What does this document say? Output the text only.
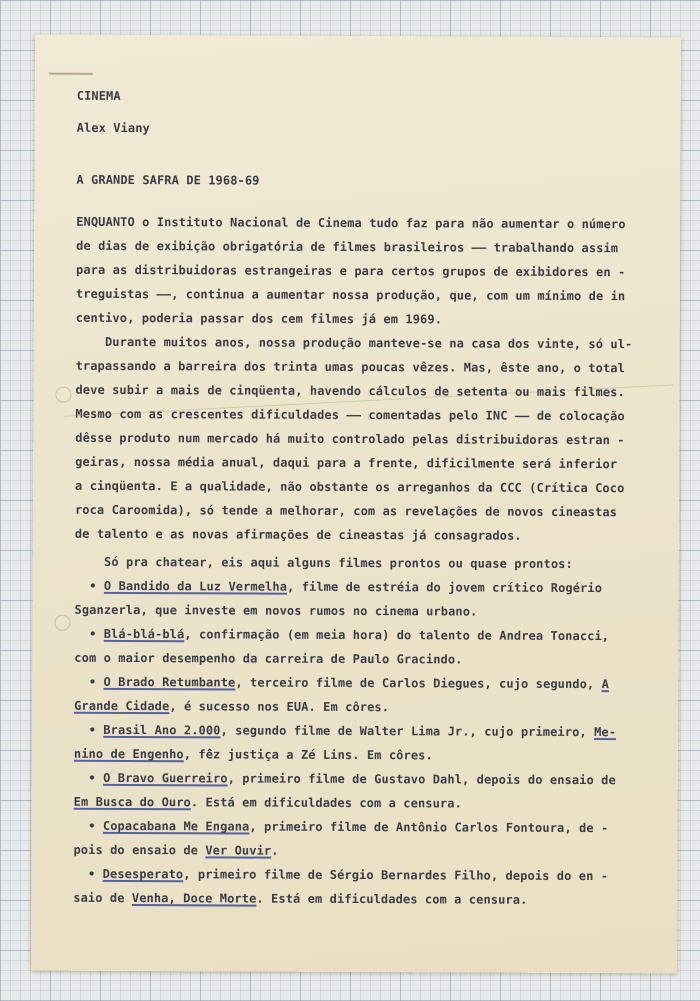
CINEMA
Alex Viany
A GRANDE SAFRA DE 1968-69
ENQUANTO o Instituto Nacional de Cinema tudo faz para não aumentar o número
de dias de exibição obrigatória de filmes brasileiros —— trabalhando assim
para as distribuidoras estrangeiras e para certos grupos de exibidores en -
treguistas ——, continua a aumentar nossa produção, que, com um mínimo de in
centivo, poderia passar dos cem filmes já em 1969.
Durante muitos anos, nossa produção manteve-se na casa dos vinte, só ul-
trapassando a barreira dos trinta umas poucas vêzes. Mas, êste ano, o total
deve subir a mais de cinqüenta, havendo cálculos de setenta ou mais filmes.
Mesmo com as crescentes dificuldades —— comentadas pelo INC —— de colocação
dêsse produto num mercado há muito controlado pelas distribuidoras estran -
geiras, nossa média anual, daqui para a frente, dificilmente será inferior
a cinqüenta. E a qualidade, não obstante os arreganhos da CCC (Crítica Coco
roca Caroomida), só tende a melhorar, com as revelações de novos cineastas
de talento e as novas afirmações de cineastas já consagrados.
Só pra chatear, eis aqui alguns filmes prontos ou quase prontos:
• O Bandido da Luz Vermelha, filme de estréia do jovem crítico Rogério
Sganzerla, que investe em novos rumos no cinema urbano.
• Blá-blá-blá, confirmação (em meia hora) do talento de Andrea Tonacci,
com o maior desempenho da carreira de Paulo Gracindo.
• O Brado Retumbante, terceiro filme de Carlos Diegues, cujo segundo, A
Grande Cidade, é sucesso nos EUA. Em côres.
• Brasil Ano 2.000, segundo filme de Walter Lima Jr., cujo primeiro, Me-
nino de Engenho, fêz justiça a Zé Lins. Em côres.
• O Bravo Guerreiro, primeiro filme de Gustavo Dahl, depois do ensaio de
Em Busca do Ouro. Está em dificuldades com a censura.
• Copacabana Me Engana, primeiro filme de Antônio Carlos Fontoura, de -
pois do ensaio de Ver Ouvir.
• Desesperato, primeiro filme de Sérgio Bernardes Filho, depois do en -
saio de Venha, Doce Morte. Está em dificuldades com a censura.
